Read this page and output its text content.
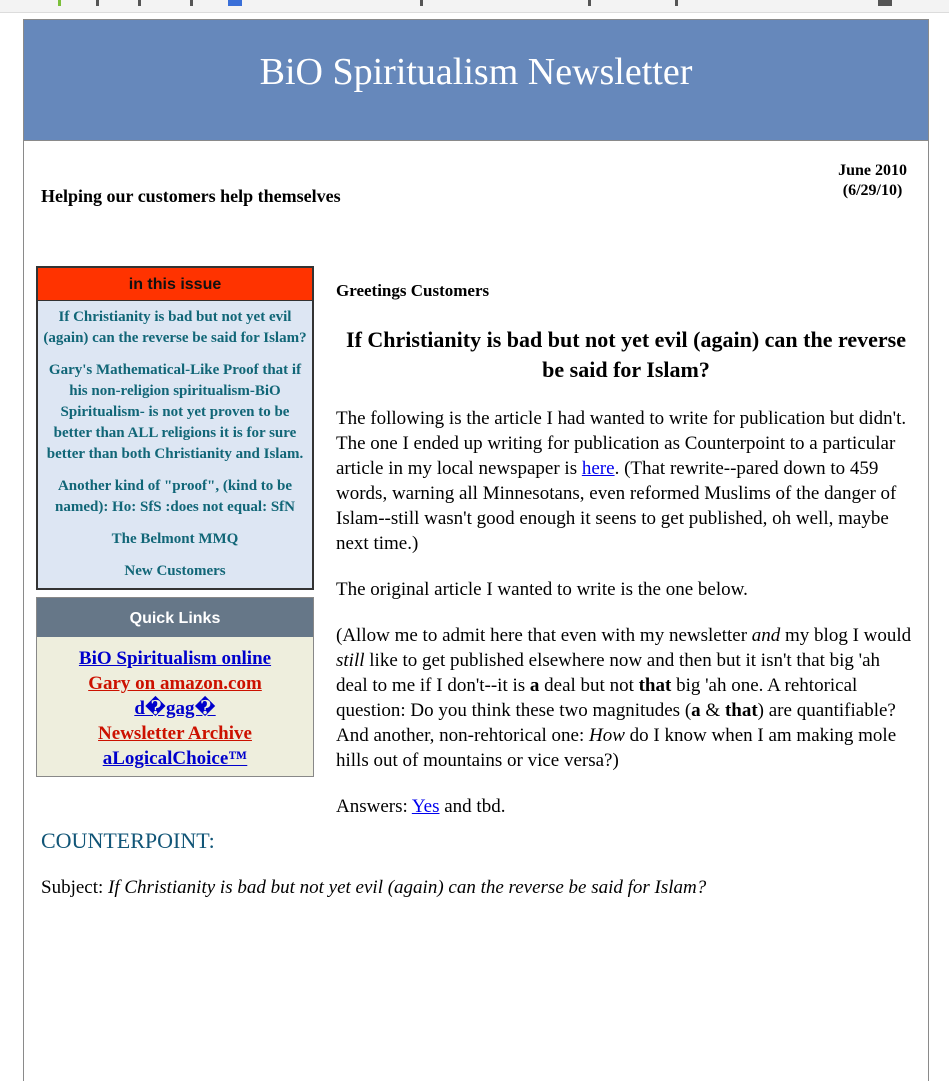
BiO Spiritualism Newsletter
Helping our customers help themselves
June 2010
(6/29/10)
in this issue
If Christianity is bad but not yet evil (again) can the reverse be said for Islam?
Gary's Mathematical-Like Proof that if his non-religion spiritualism-BiO Spiritualism- is not yet proven to be better than ALL religions it is for sure better than both Christianity and Islam.
Another kind of "proof", (kind to be named): Ho: SfS :does not equal: SfN
The Belmont MMQ
New Customers
Quick Links
BiO Spiritualism online
Gary on amazon.com
d�gag�
Newsletter Archive
aLogicalChoice™
Greetings Customers
If Christianity is bad but not yet evil (again) can the reverse be said for Islam?
The following is the article I had wanted to write for publication but didn't. The one I ended up writing for publication as Counterpoint to a particular article in my local newspaper is here. (That rewrite--pared down to 459 words, warning all Minnesotans, even reformed Muslims of the danger of Islam--still wasn't good enough it seens to get published, oh well, maybe next time.)
The original article I wanted to write is the one below.
(Allow me to admit here that even with my newsletter and my blog I would still like to get published elsewhere now and then but it isn't that big 'ah deal to me if I don't--it is a deal but not that big 'ah one. A rehtorical question: Do you think these two magnitudes (a & that) are quantifiable? And another, non-rehtorical one: How do I know when I am making mole hills out of mountains or vice versa?)
Answers: Yes and tbd.
COUNTERPOINT:
Subject: If Christianity is bad but not yet evil (again) can the reverse be said for Islam?
